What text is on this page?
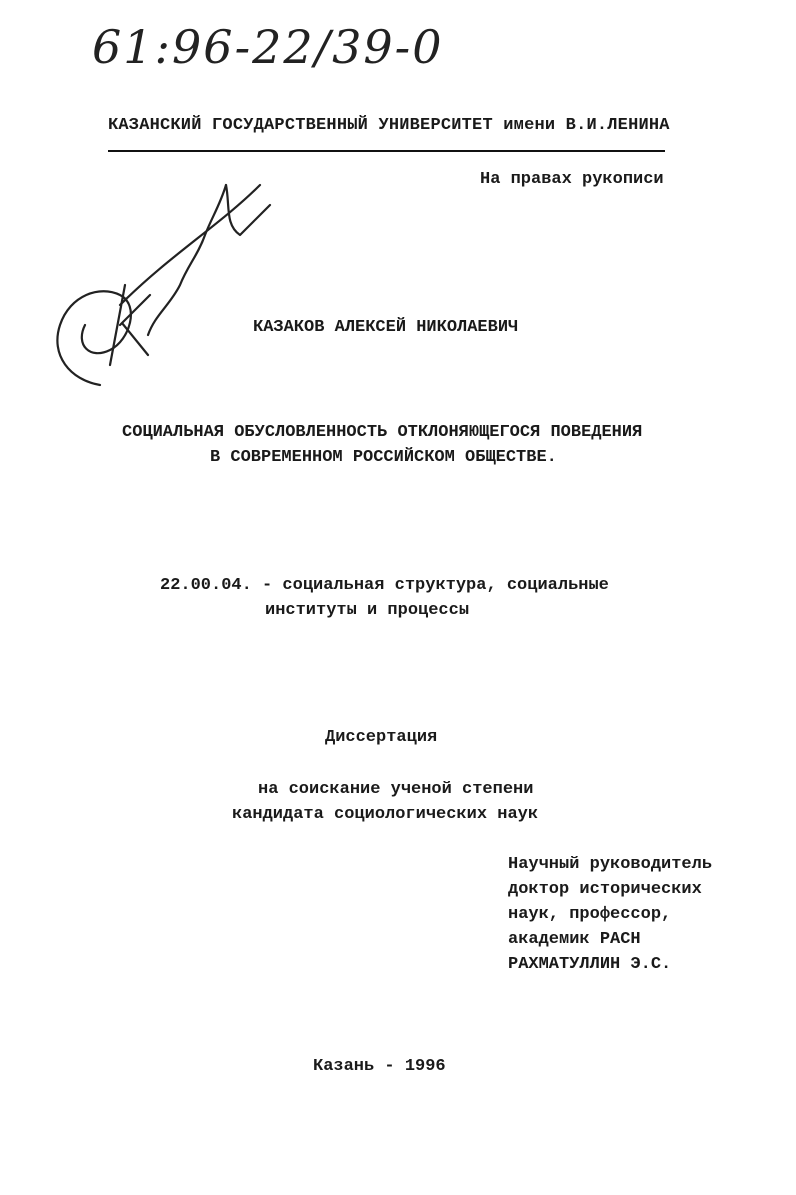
61:96-22/39-0
КАЗАНСКИЙ ГОСУДАРСТВЕННЫЙ УНИВЕРСИТЕТ имени В.И.ЛЕНИНА
На правах рукописи
КАЗАКОВ АЛЕКСЕЙ НИКОЛАЕВИЧ
СОЦИАЛЬНАЯ ОБУСЛОВЛЕННОСТЬ ОТКЛОНЯЮЩЕГОСЯ ПОВЕДЕНИЯ
В СОВРЕМЕННОМ РОССИЙСКОМ ОБЩЕСТВЕ.
22.00.04. - социальная структура, социальные
институты и процессы
Диссертация
на соискание ученой степени
кандидата социологических наук
Научный руководитель
доктор исторических
наук, профессор,
академик РАСН
РАХМАТУЛЛИН Э.С.
Казань - 1996
